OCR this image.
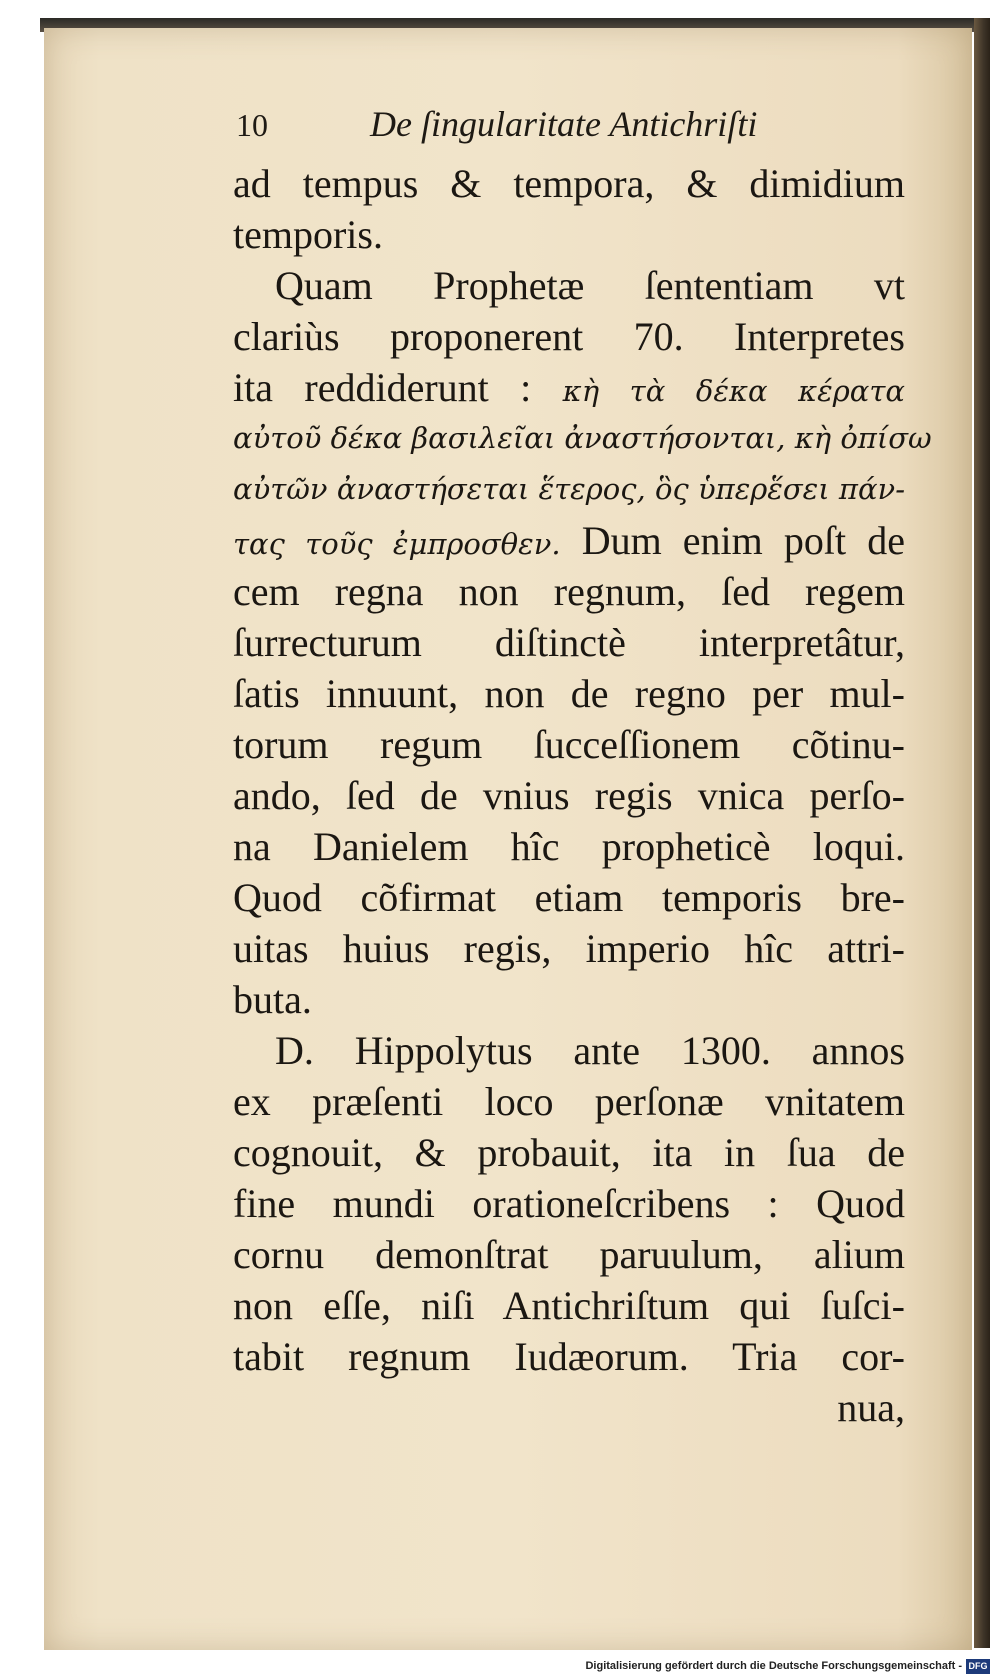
10	De ſingularitate Antichriſti
ad tempus & tempora, & dimidium
temporis.
Quam Prophetæ ſententiam vt
clariùs proponerent 70. Interpretes
ita reddiderunt : κὴ τὰ δέκα κέρατα
αὐτοῦ δέκα βασιλεῖαι ἀναστήσονται, κὴ ὀπίσω
αὐτῶν ἀναστήσεται ἕτερος, ὃς ὑπερἕσει πάν-
τας τοῦς ἐμπροσθεν. Dum enim poſt de
cem regna non regnum, ſed regem
ſurrecturum diſtinctè interpretâtur,
ſatis innuunt, non de regno per mul-
torum regum ſucceſſionem cõtinu-
ando, ſed de vnius regis vnica perſo-
na Danielem hîc propheticè loqui.
Quod cõfirmat etiam temporis bre-
uitas huius regis, imperio hîc attri-
buta.
D. Hippolytus ante 1300. annos
ex præſenti loco perſonæ vnitatem
cognouit, & probauit, ita in ſua de
fine mundi orationeſcribens : Quod
cornu demonſtrat paruulum, alium
non eſſe, niſi Antichriſtum qui ſuſci-
tabit regnum Iudæorum. Tria cor-
nua,
Digitalisierung gefördert durch die Deutsche Forschungsgemeinschaft - DFG
